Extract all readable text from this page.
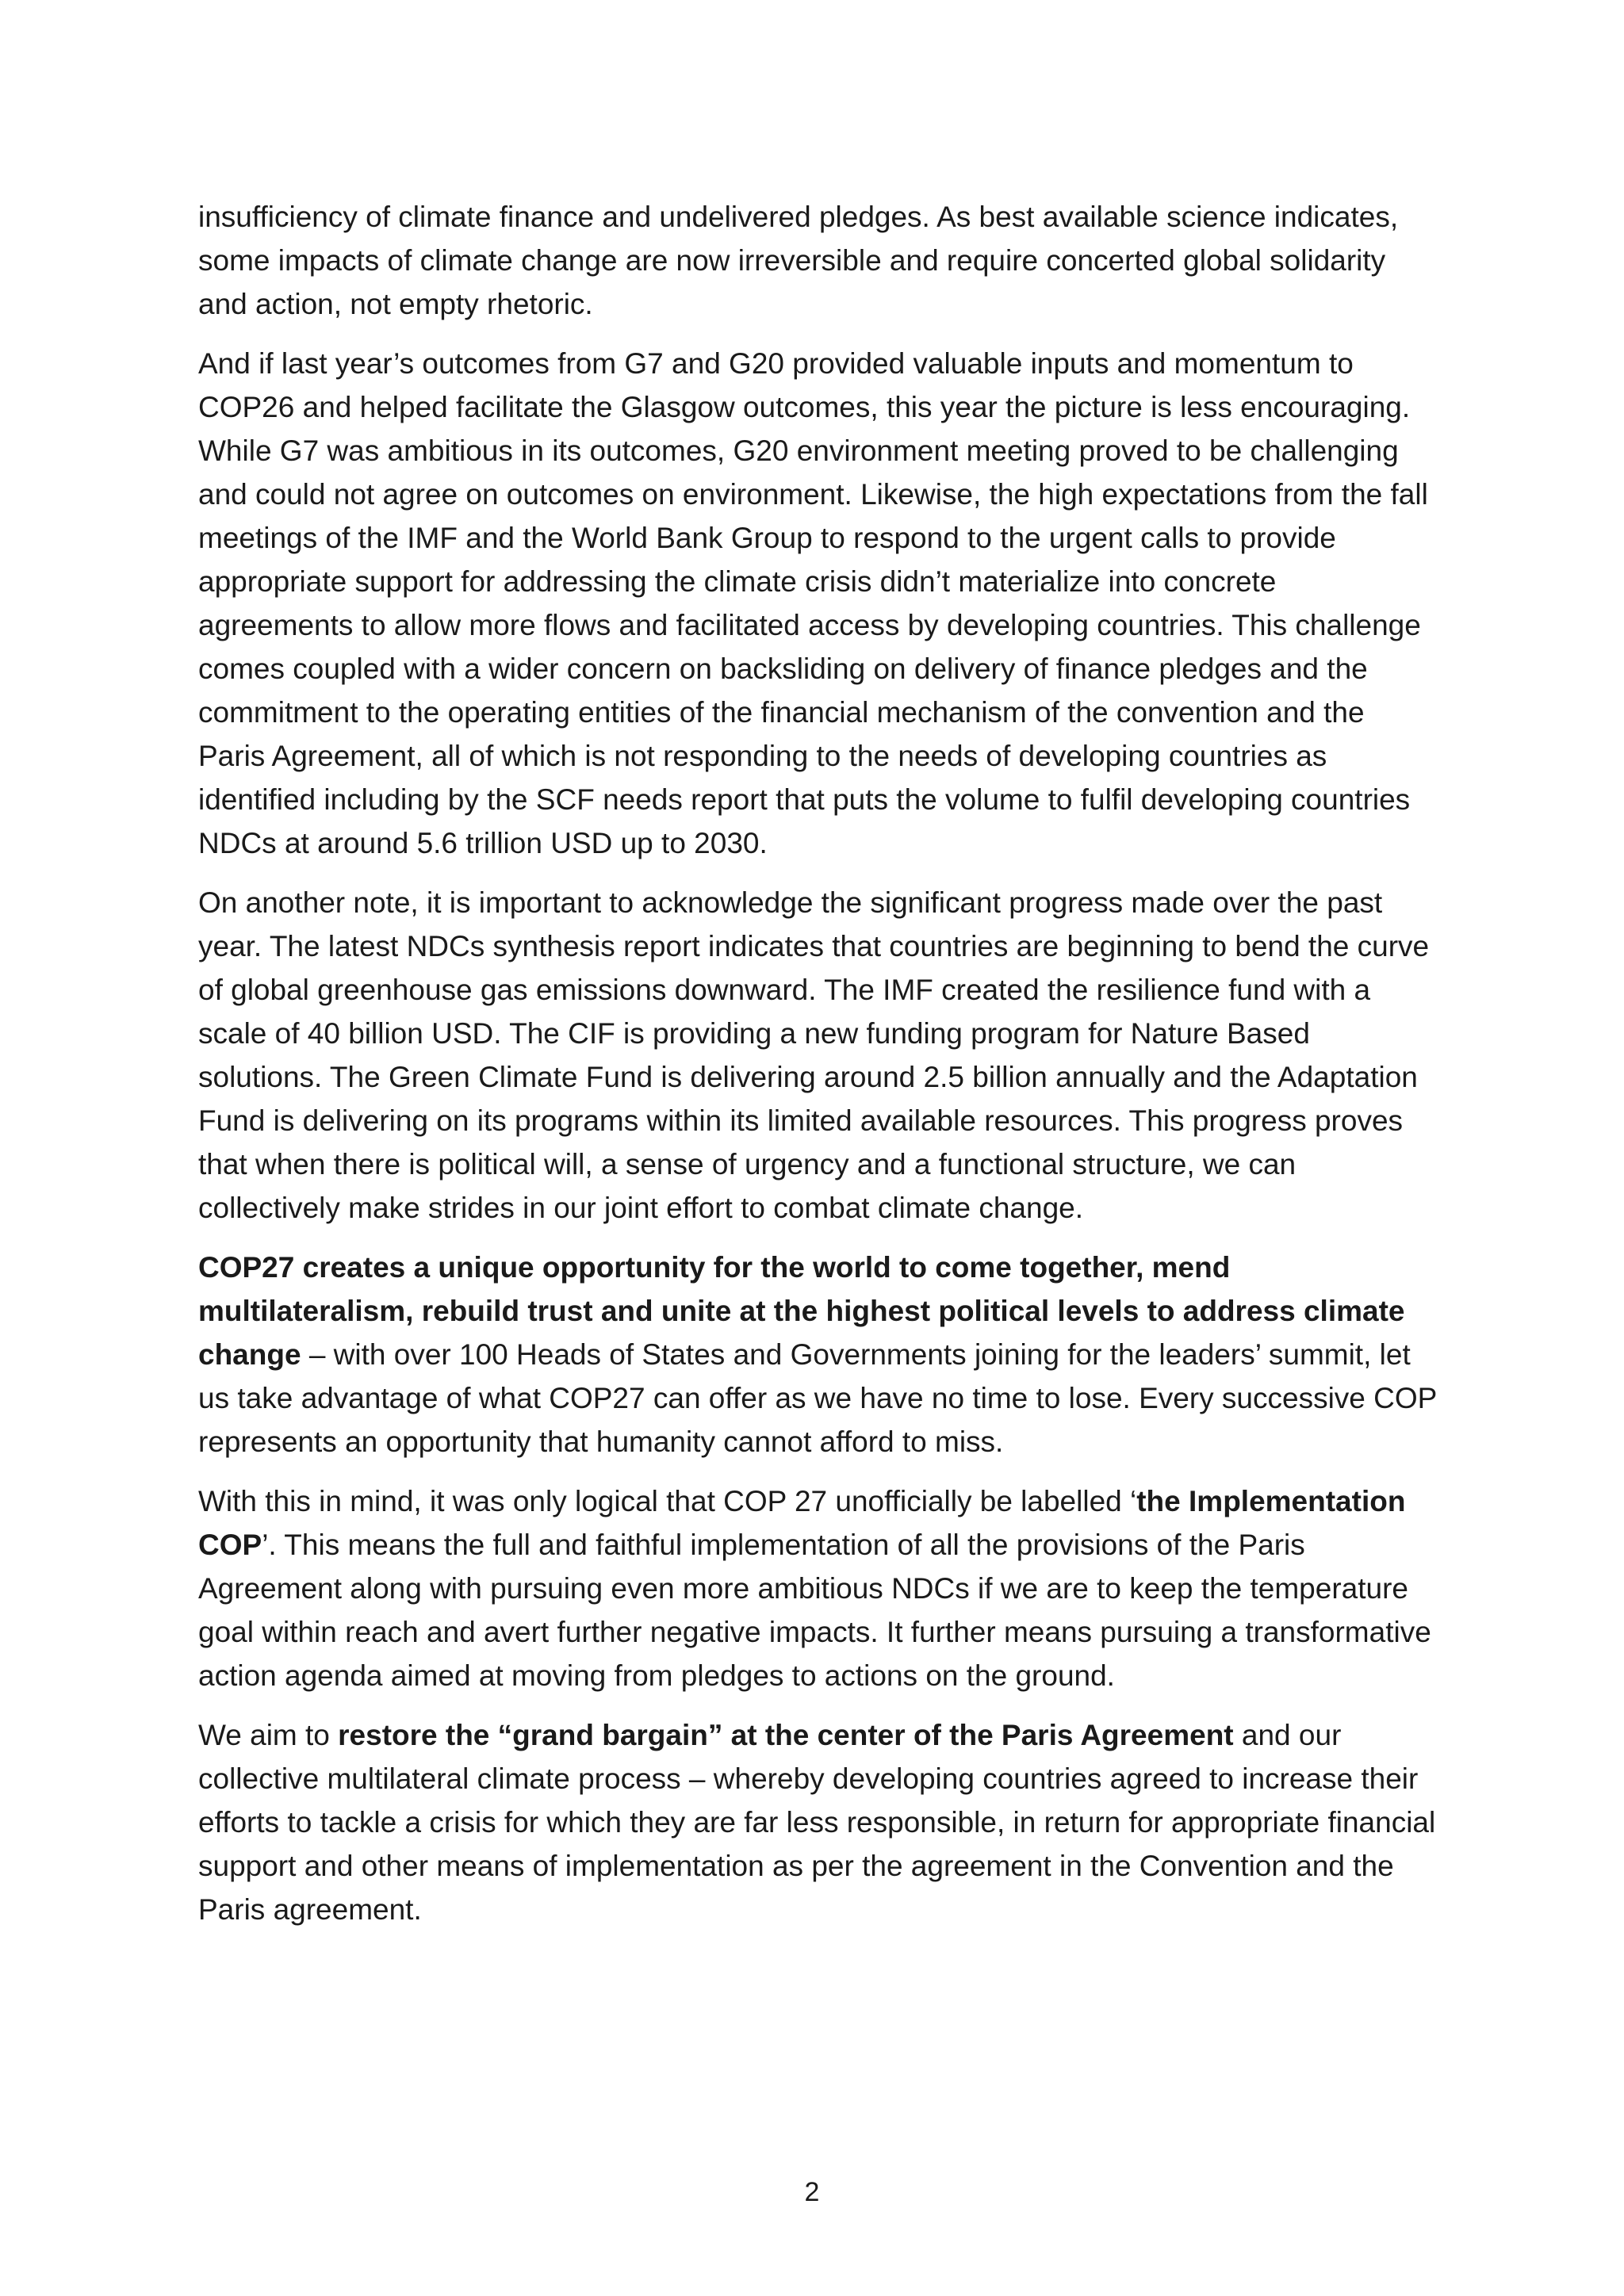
insufficiency of climate finance and undelivered pledges. As best available science indicates, some impacts of climate change are now irreversible and require concerted global solidarity and action, not empty rhetoric.

And if last year’s outcomes from G7 and G20 provided valuable inputs and momentum to COP26 and helped facilitate the Glasgow outcomes, this year the picture is less encouraging. While G7 was ambitious in its outcomes, G20 environment meeting proved to be challenging and could not agree on outcomes on environment. Likewise, the high expectations from the fall meetings of the IMF and the World Bank Group to respond to the urgent calls to provide appropriate support for addressing the climate crisis didn’t materialize into concrete agreements to allow more flows and facilitated access by developing countries. This challenge comes coupled with a wider concern on backsliding on delivery of finance pledges and the commitment to the operating entities of the financial mechanism of the convention and the Paris Agreement, all of which is not responding to the needs of developing countries as identified including by the SCF needs report that puts the volume to fulfil developing countries NDCs at around 5.6 trillion USD up to 2030.

On another note, it is important to acknowledge the significant progress made over the past year. The latest NDCs synthesis report indicates that countries are beginning to bend the curve of global greenhouse gas emissions downward. The IMF created the resilience fund with a scale of 40 billion USD. The CIF is providing a new funding program for Nature Based solutions. The Green Climate Fund is delivering around 2.5 billion annually and the Adaptation Fund is delivering on its programs within its limited available resources. This progress proves that when there is political will, a sense of urgency and a functional structure, we can collectively make strides in our joint effort to combat climate change.

COP27 creates a unique opportunity for the world to come together, mend multilateralism, rebuild trust and unite at the highest political levels to address climate change – with over 100 Heads of States and Governments joining for the leaders’ summit, let us take advantage of what COP27 can offer as we have no time to lose. Every successive COP represents an opportunity that humanity cannot afford to miss.

With this in mind, it was only logical that COP 27 unofficially be labelled ‘the Implementation COP’. This means the full and faithful implementation of all the provisions of the Paris Agreement along with pursuing even more ambitious NDCs if we are to keep the temperature goal within reach and avert further negative impacts. It further means pursuing a transformative action agenda aimed at moving from pledges to actions on the ground.

We aim to restore the “grand bargain” at the center of the Paris Agreement and our collective multilateral climate process – whereby developing countries agreed to increase their efforts to tackle a crisis for which they are far less responsible, in return for appropriate financial support and other means of implementation as per the agreement in the Convention and the Paris agreement.

2
